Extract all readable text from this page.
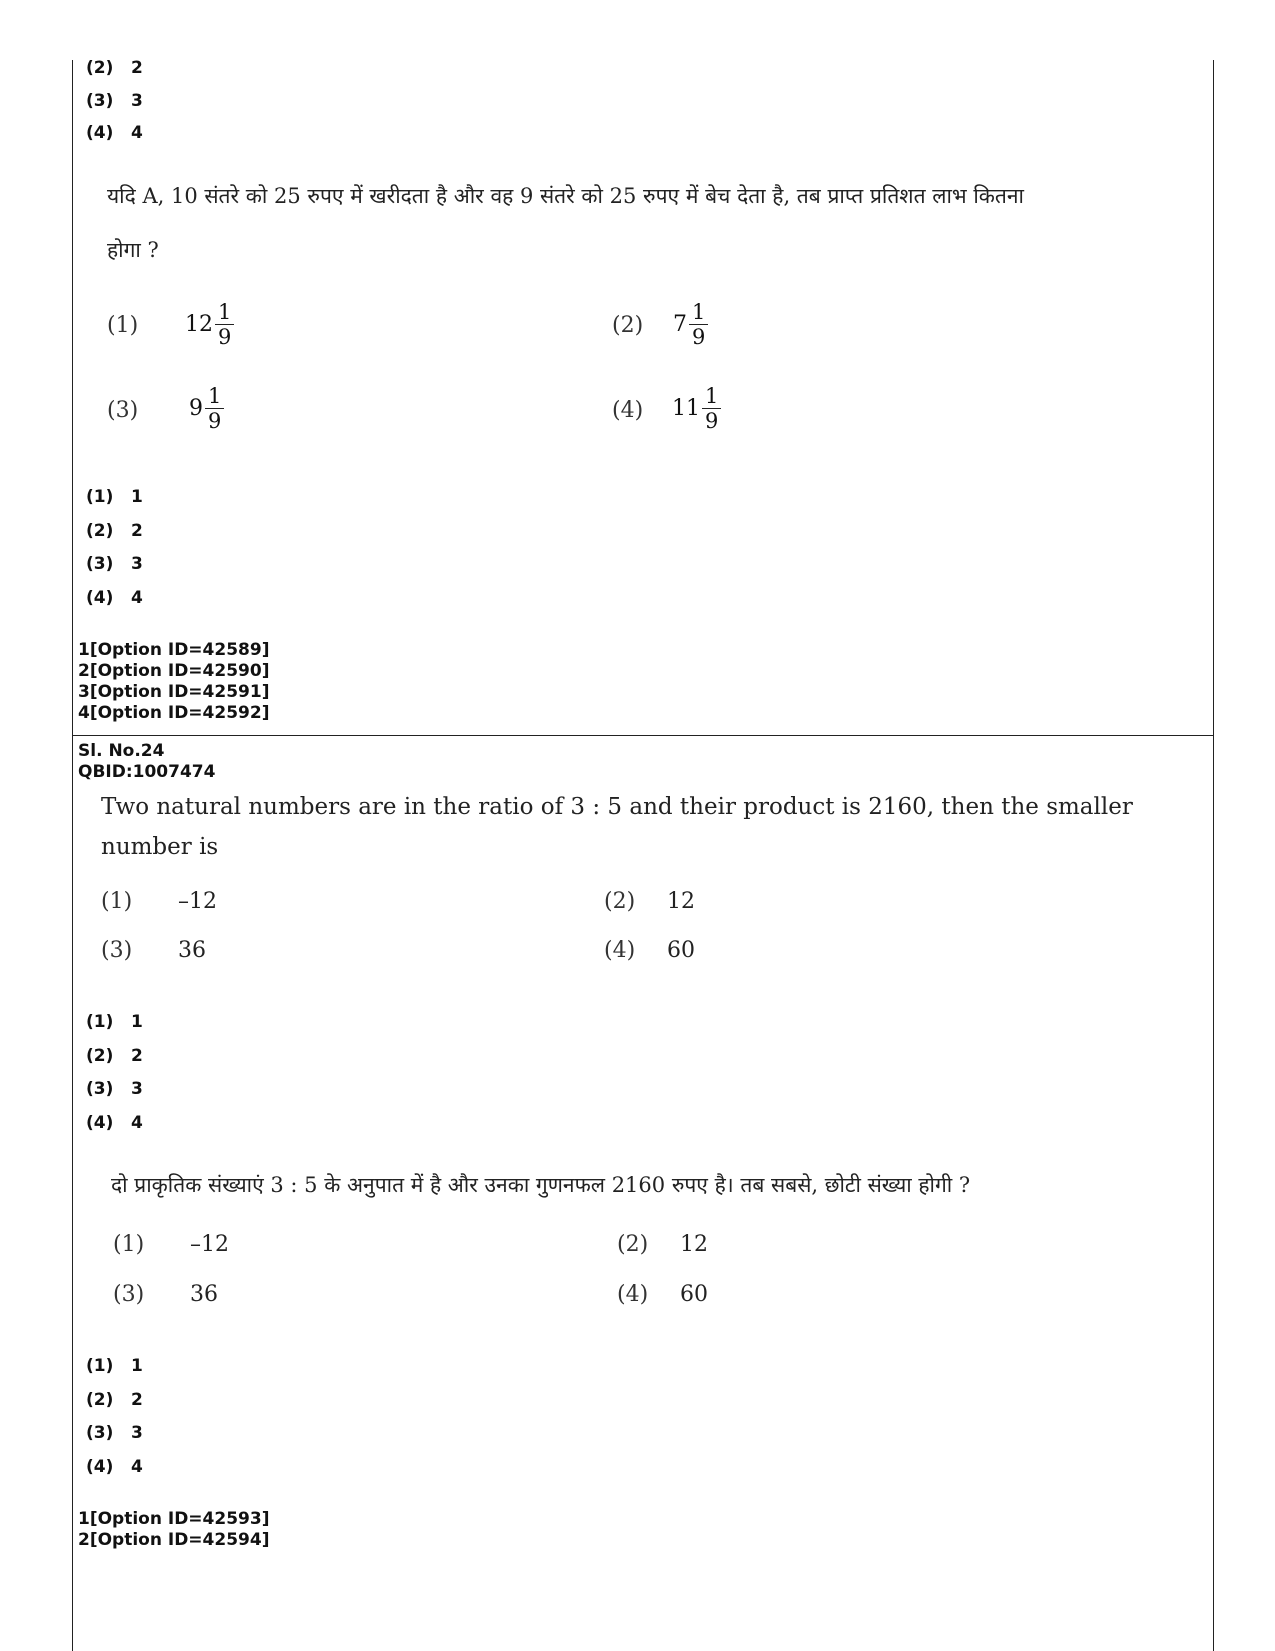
(2) 2
(3) 3
(4) 4
यदि A, 10 संतरे को 25 रुपए में खरीदता है और वह 9 संतरे को 25 रुपए में बेच देता है, तब प्राप्त प्रतिशत लाभ कितना
होगा ?
(1) $12 \frac{1}{9}$	(2) $7 \frac{1}{9}$
(3) $9 \frac{1}{9}$	(4) $11 \frac{1}{9}$
(1) 1
(2) 2
(3) 3
(4) 4
1[Option ID=42589]
2[Option ID=42590]
3[Option ID=42591]
4[Option ID=42592]
Sl. No.24
QBID:1007474
Two natural numbers are in the ratio of 3 : 5 and their product is 2160, then the smaller
number is
(1) –12	(2) 12
(3) 36	(4) 60
(1) 1
(2) 2
(3) 3
(4) 4
दो प्राकृतिक संख्याएं 3 : 5 के अनुपात में है और उनका गुणनफल 2160 रुपए है। तब सबसे, छोटी संख्या होगी ?
(1) –12	(2) 12
(3) 36	(4) 60
(1) 1
(2) 2
(3) 3
(4) 4
1[Option ID=42593]
2[Option ID=42594]
